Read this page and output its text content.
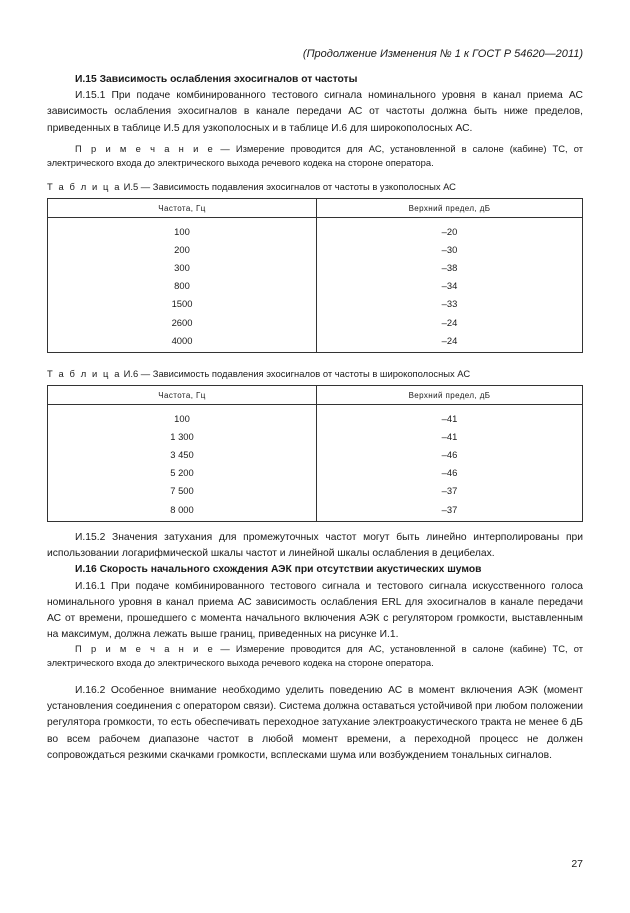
(Продолжение Изменения № 1 к ГОСТ Р 54620—2011)
И.15 Зависимость ослабления эхосигналов от частоты
И.15.1 При подаче комбинированного тестового сигнала номинального уровня в канал приема АС зависимость ослабления эхосигналов в канале передачи АС от частоты должна быть ниже пределов, приведенных в таблице И.5 для узкополосных и в таблице И.6 для широкополосных АС.
П р и м е ч а н и е — Измерение проводится для АС, установленной в салоне (кабине) ТС, от электрического входа до электрического выхода речевого кодека на стороне оператора.
Т а б л и ц а И.5 — Зависимость подавления эхосигналов от частоты в узкополосных АС
Частота, Гц	Верхний предел, дБ
100	–20
200	–30
300	–38
800	–34
1500	–33
2600	–24
4000	–24
Т а б л и ц а И.6 — Зависимость подавления эхосигналов от частоты в широкополосных АС
Частота, Гц	Верхний предел, дБ
100	–41
1 300	–41
3 450	–46
5 200	–46
7 500	–37
8 000	–37
И.15.2 Значения затухания для промежуточных частот могут быть линейно интерполированы при использовании логарифмической шкалы частот и линейной шкалы ослабления в децибелах.
И.16 Скорость начального схождения АЭК при отсутствии акустических шумов
И.16.1 При подаче комбинированного тестового сигнала и тестового сигнала искусственного голоса номинального уровня в канал приема АС зависимость ослабления ERL для эхосигналов в канале передачи АС от времени, прошедшего с момента начального включения АЭК с регулятором громкости, выставленным на максимум, должна лежать выше границ, приведенных на рисунке И.1.
П р и м е ч а н и е — Измерение проводится для АС, установленной в салоне (кабине) ТС, от электрического входа до электрического выхода речевого кодека на стороне оператора.
И.16.2 Особенное внимание необходимо уделить поведению АС в момент включения АЭК (момент установления соединения с оператором связи). Система должна оставаться устойчивой при любом положении регулятора громкости, то есть обеспечивать переходное затухание электроакустического тракта не менее 6 дБ во всем рабочем диапазоне частот в любой момент времени, а переходной процесс не должен сопровождаться резкими скачками громкости, всплесками шума или возбуждением тональных сигналов.
27
